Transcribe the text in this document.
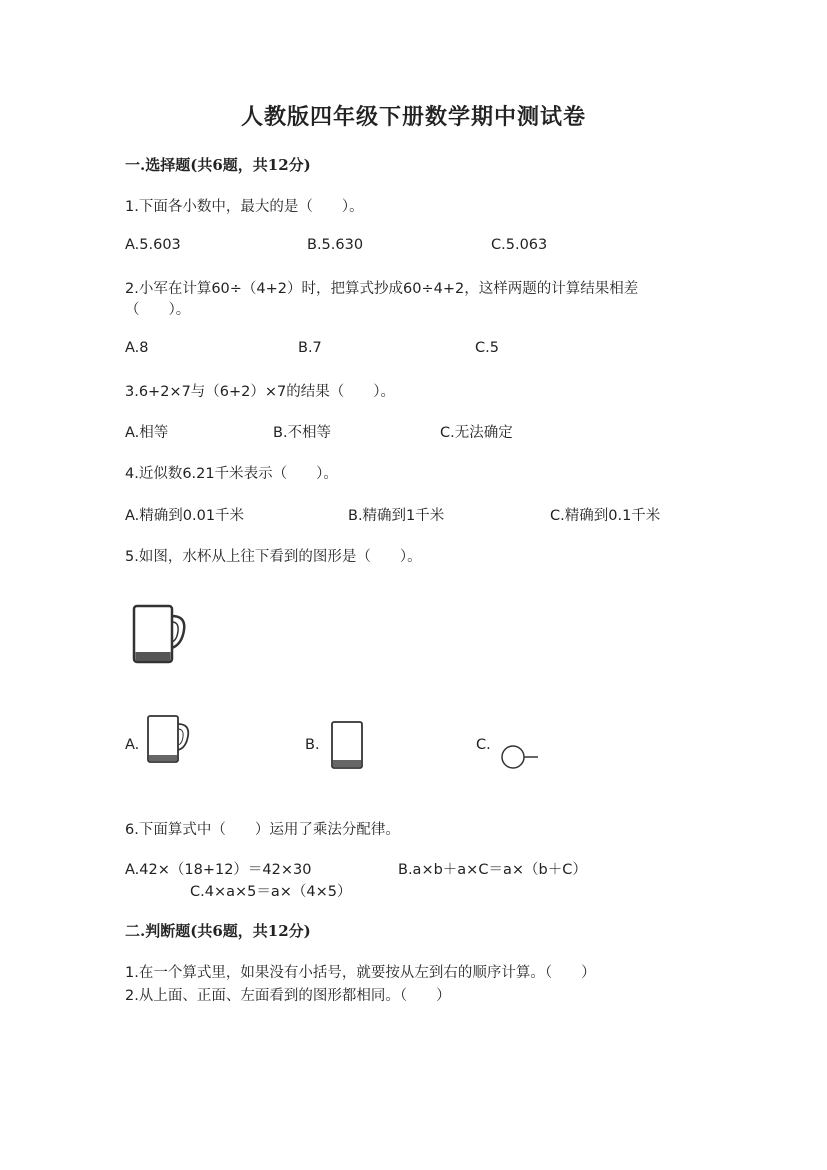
人教版四年级下册数学期中测试卷
一.选择题(共6题，共12分)
1.下面各小数中，最大的是（　　）。
A.5.603	B.5.630	C.5.063
2.小军在计算60÷（4+2）时，把算式抄成60÷4+2，这样两题的计算结果相差
（　　）。
A.8	B.7	C.5
3.6+2×7与（6+2）×7的结果（　　）。
A.相等	B.不相等	C.无法确定
4.近似数6.21千米表示（　　）。
A.精确到0.01千米	B.精确到1千米	C.精确到0.1千米
5.如图，水杯从上往下看到的图形是（　　）。
A.	B.	C.
6.下面算式中（　　）运用了乘法分配律。
A.42×（18+12）＝42×30	B.a×b＋a×C＝a×（b＋C）
C.4×a×5＝a×（4×5）
二.判断题(共6题，共12分)
1.在一个算式里，如果没有小括号，就要按从左到右的顺序计算。（　　）
2.从上面、正面、左面看到的图形都相同。（　　）
